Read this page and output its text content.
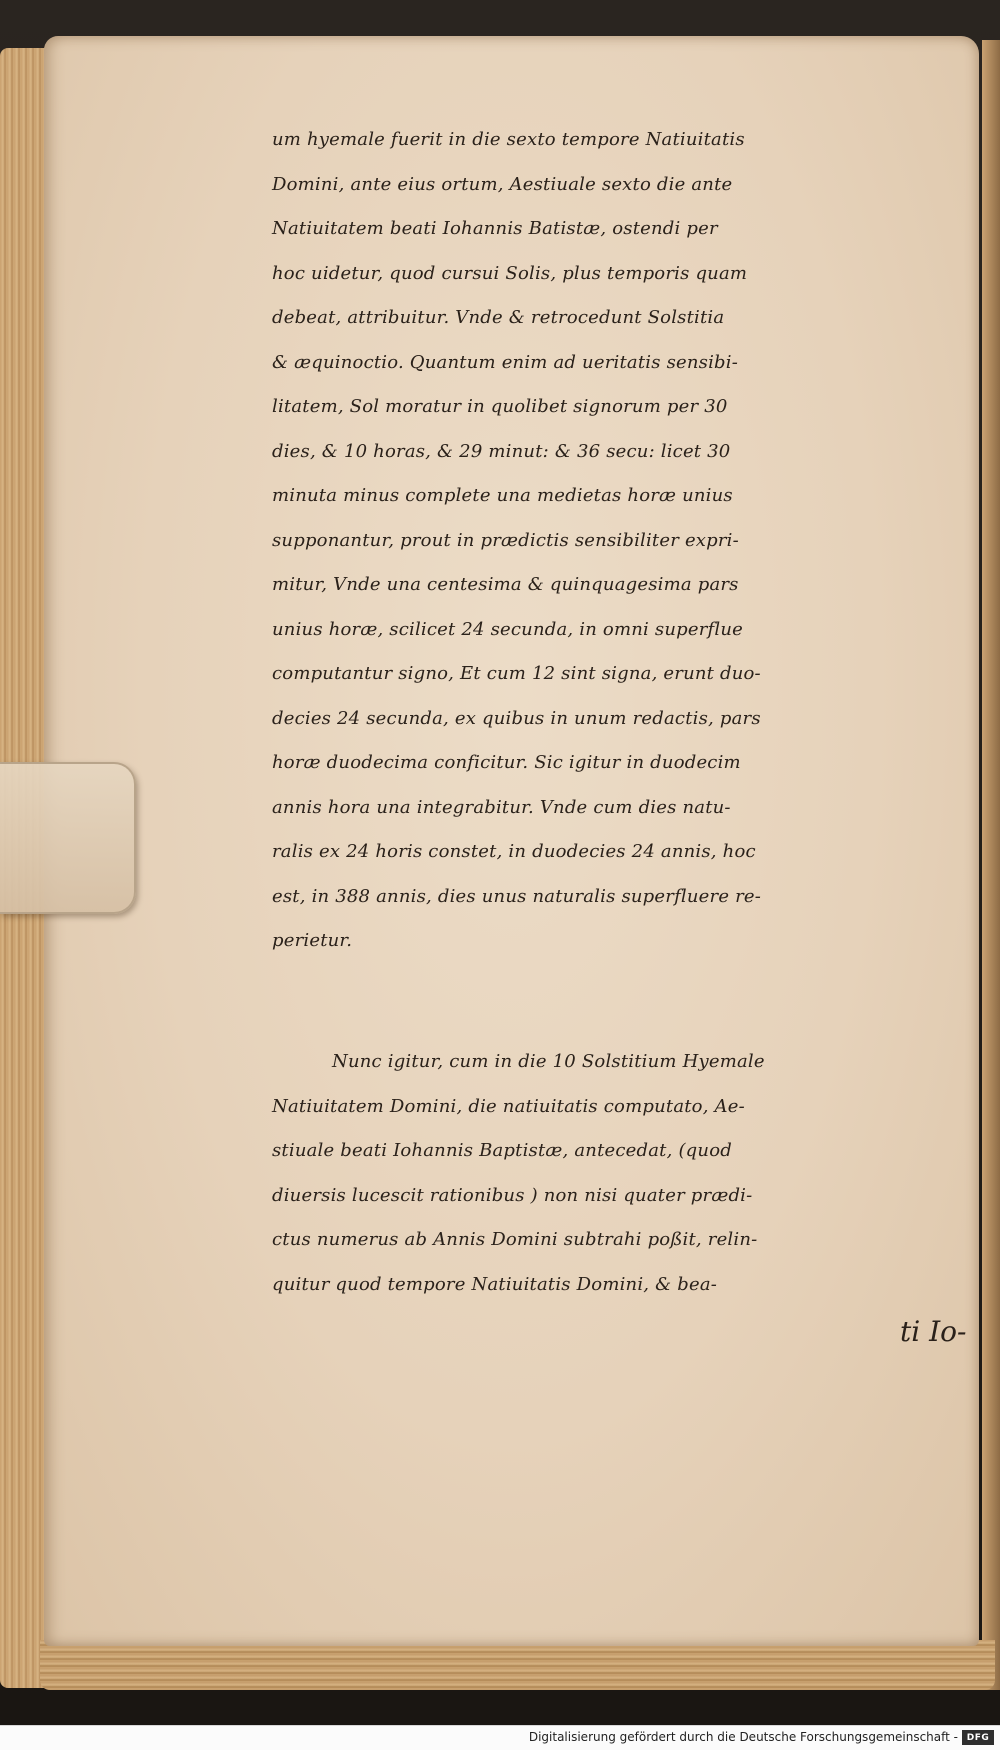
um hyemale fuerit in die sexto tempore Natiuitatis
Domini, ante eius ortum, Aestiuale sexto die ante
Natiuitatem beati Iohannis Batistæ, ostendi per
hoc uidetur, quod cursui Solis, plus temporis quam
debeat, attribuitur. Vnde & retrocedunt Solstitia
& æquinoctio. Quantum enim ad ueritatis sensibi-
litatem, Sol moratur in quolibet signorum per 30
dies, & 10 horas, & 29 minut: & 36 secu: licet 30
minuta minus complete una medietas horæ unius
supponantur, prout in prædictis sensibiliter expri-
mitur, Vnde una centesima & quinquagesima pars
unius horæ, scilicet 24 secunda, in omni superflue
computantur signo, Et cum 12 sint signa, erunt duo-
decies 24 secunda, ex quibus in unum redactis, pars
horæ duodecima conficitur. Sic igitur in duodecim
annis hora una integrabitur. Vnde cum dies natu-
ralis ex 24 horis constet, in duodecies 24 annis, hoc
est, in 388 annis, dies unus naturalis superfluere re-
perietur.
Nunc igitur, cum in die 10 Solstitium Hyemale
Natiuitatem Domini, die natiuitatis computato, Ae-
stiuale beati Iohannis Baptistæ, antecedat, (quod
diuersis lucescit rationibus ) non nisi quater prædi-
ctus numerus ab Annis Domini subtrahi poßit, relin-
quitur quod tempore Natiuitatis Domini, & bea-
ti Io-
Digitalisierung gefördert durch die Deutsche Forschungsgemeinschaft - DFG
